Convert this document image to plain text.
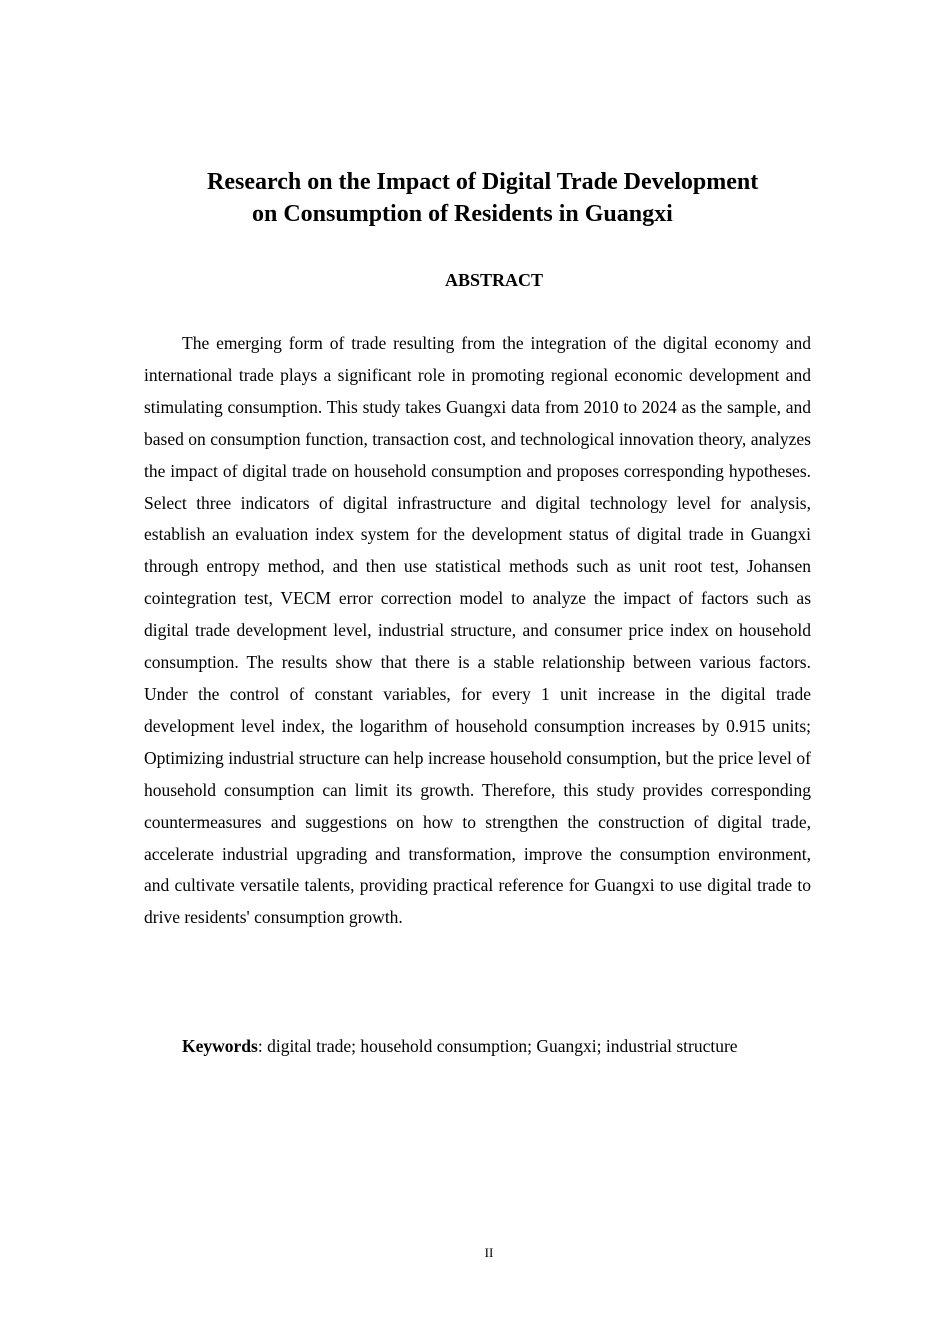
Research on the Impact of Digital Trade Development
on Consumption of Residents in Guangxi
ABSTRACT

The emerging form of trade resulting from the integration of the digital economy and international trade plays a significant role in promoting regional economic development and stimulating consumption. This study takes Guangxi data from 2010 to 2024 as the sample, and based on consumption function, transaction cost, and technological innovation theory, analyzes the impact of digital trade on household consumption and proposes corresponding hypotheses. Select three indicators of digital infrastructure and digital technology level for analysis, establish an evaluation index system for the development status of digital trade in Guangxi through entropy method, and then use statistical methods such as unit root test, Johansen cointegration test, VECM error correction model to analyze the impact of factors such as digital trade development level, industrial structure, and consumer price index on household consumption. The results show that there is a stable relationship between various factors. Under the control of constant variables, for every 1 unit increase in the digital trade development level index, the logarithm of household consumption increases by 0.915 units; Optimizing industrial structure can help increase household consumption, but the price level of household consumption can limit its growth. Therefore, this study provides corresponding countermeasures and suggestions on how to strengthen the construction of digital trade, accelerate industrial upgrading and transformation, improve the consumption environment, and cultivate versatile talents, providing practical reference for Guangxi to use digital trade to drive residents' consumption growth.

Keywords: digital trade; household consumption; Guangxi; industrial structure

II
